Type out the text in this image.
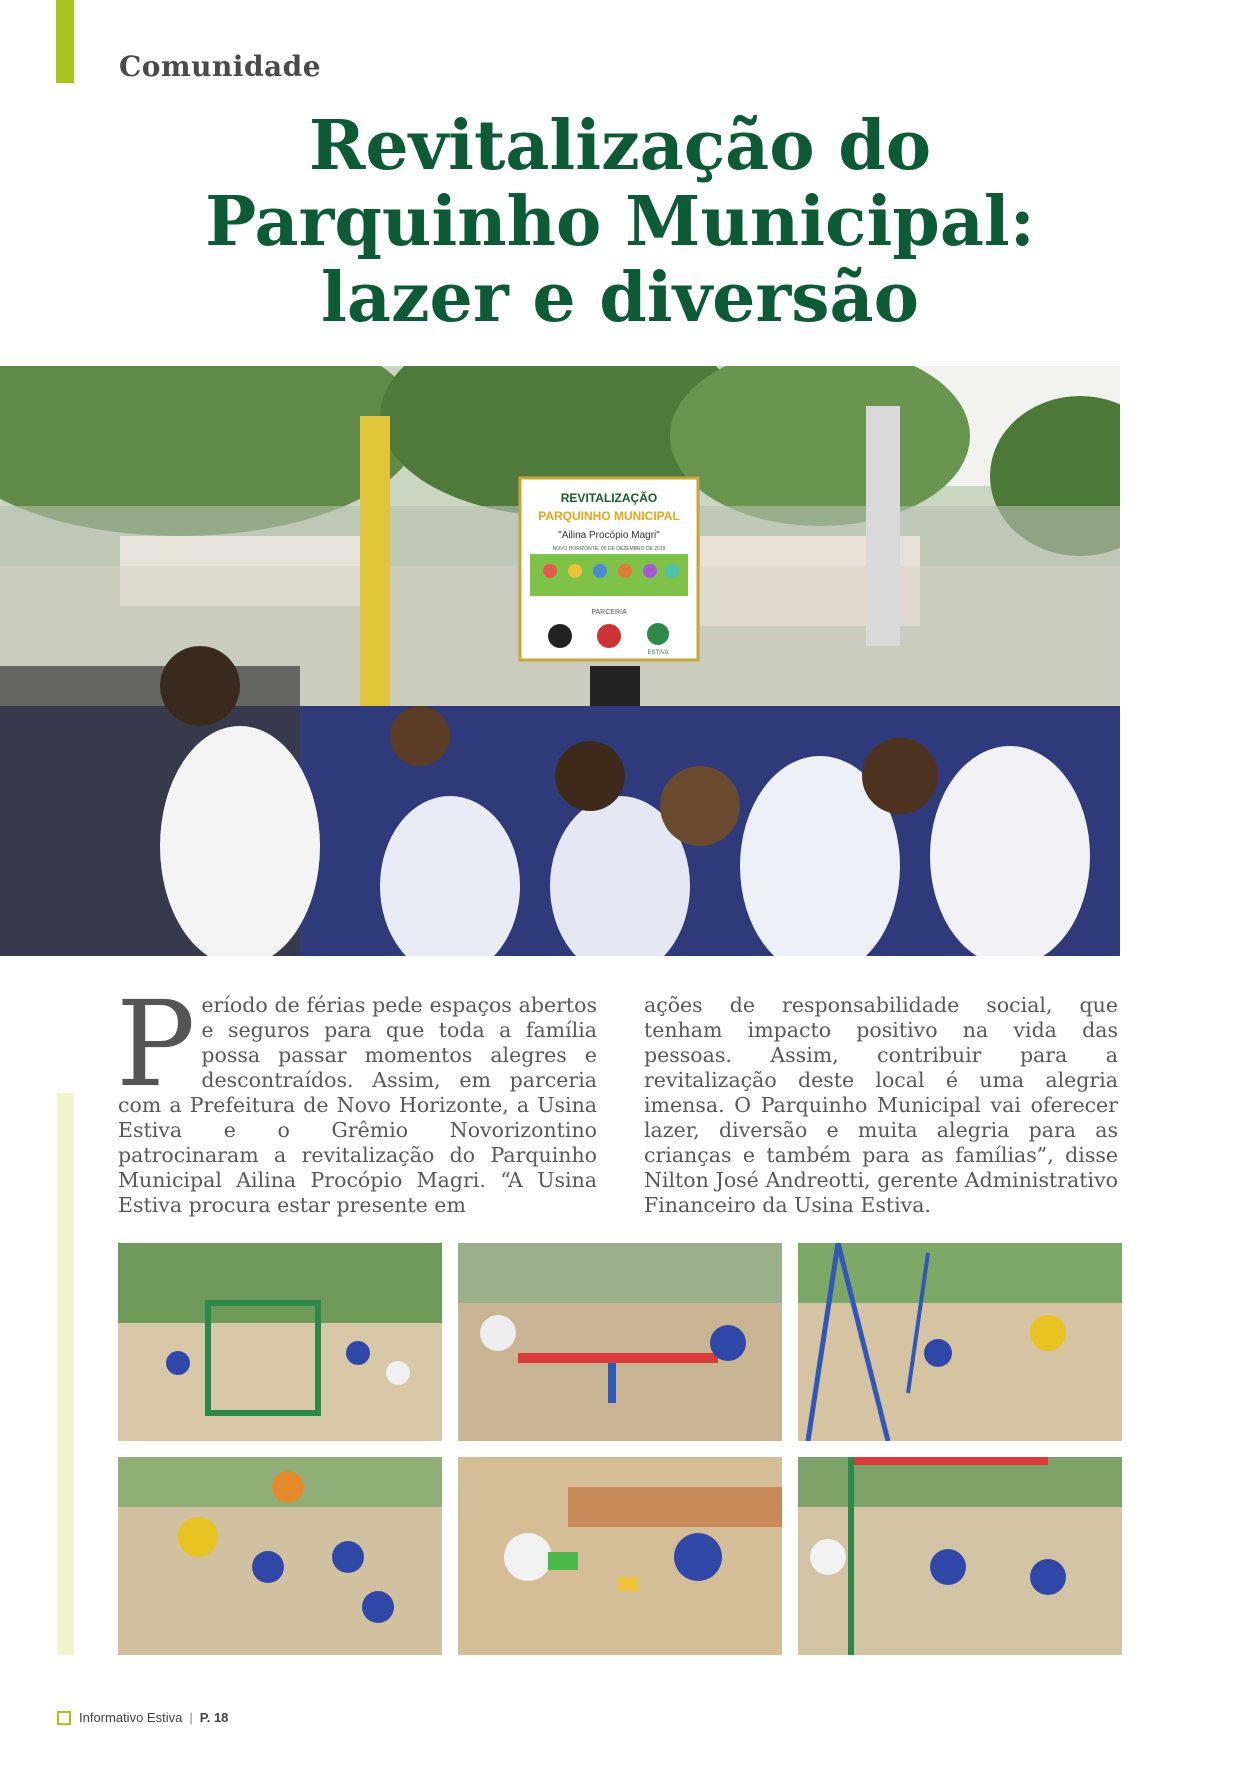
Comunidade
Revitalização do
Parquinho Municipal:
lazer e diversão
REVITALIZAÇÃO
PARQUINHO MUNICIPAL
"Ailina Procópio Magri"
NOVO HORIZONTE, 05 DE DEZEMBRO DE 2019
PARCERIA
ESTIVA

Período de férias pede espaços abertos e seguros para que toda a família possa passar momentos alegres e descontraídos. Assim, em parceria com a Prefeitura de Novo Horizonte, a Usina Estiva e o Grêmio Novorizontino patrocinaram a revitalização do Parquinho Municipal Ailina Procópio Magri. “A Usina Estiva procura estar presente em

ações de responsabilidade social, que tenham impacto positivo na vida das pessoas. Assim, contribuir para a revitalização deste local é uma alegria imensa. O Parquinho Municipal vai oferecer lazer, diversão e muita alegria para as crianças e também para as famílias”, disse Nilton José Andreotti, gerente Administrativo Financeiro da Usina Estiva.

Informativo Estiva | P. 18
